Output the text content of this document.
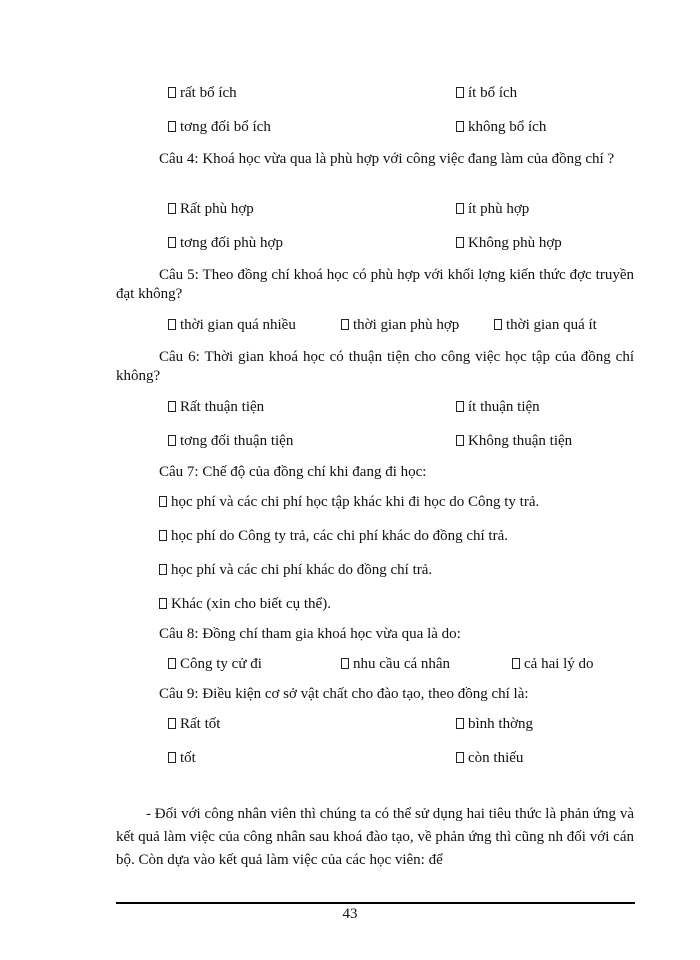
rất bổ ích	ít bổ ích
tơng đối bổ ích	không bổ ích
Câu 4: Khoá học vừa qua là phù hợp với công việc đang làm của đồng chí ?
Rất phù hợp	ít phù hợp
tơng đối phù hợp	Không phù hợp
Câu 5: Theo đồng chí khoá học có phù hợp với khối lợng kiến thức đợc truyền đạt không?
thời gian quá nhiều	thời gian phù hợp	thời gian quá ít
Câu 6: Thời gian khoá học có thuận tiện cho công việc học tập của đồng chí không?
Rất thuận tiện	ít thuận tiện
tơng đối thuận tiện	Không thuận tiện
Câu 7: Chế độ của đồng chí khi đang đi học:
học phí và các chi phí học tập khác khi đi học do Công ty trả.
học phí do Công ty trả, các chi phí khác do đồng chí trả.
học phí và các chi phí khác do đồng chí trả.
Khác (xin cho biết cụ thể).
Câu 8: Đồng chí tham gia khoá học vừa qua là do:
Công ty cử đi	nhu cầu cá nhân	cả hai lý do
Câu 9: Điều kiện cơ sở vật chất cho đào tạo, theo đồng chí là:
Rất tốt	bình thờng
tốt	còn thiếu
- Đối với công nhân viên thì chúng ta có thể sử dụng hai tiêu thức là phản ứng và kết quả làm việc của công nhân sau khoá đào tạo, về phản ứng thì cũng nh đối với cán bộ. Còn dựa vào kết quả làm việc của các học viên: để
43
